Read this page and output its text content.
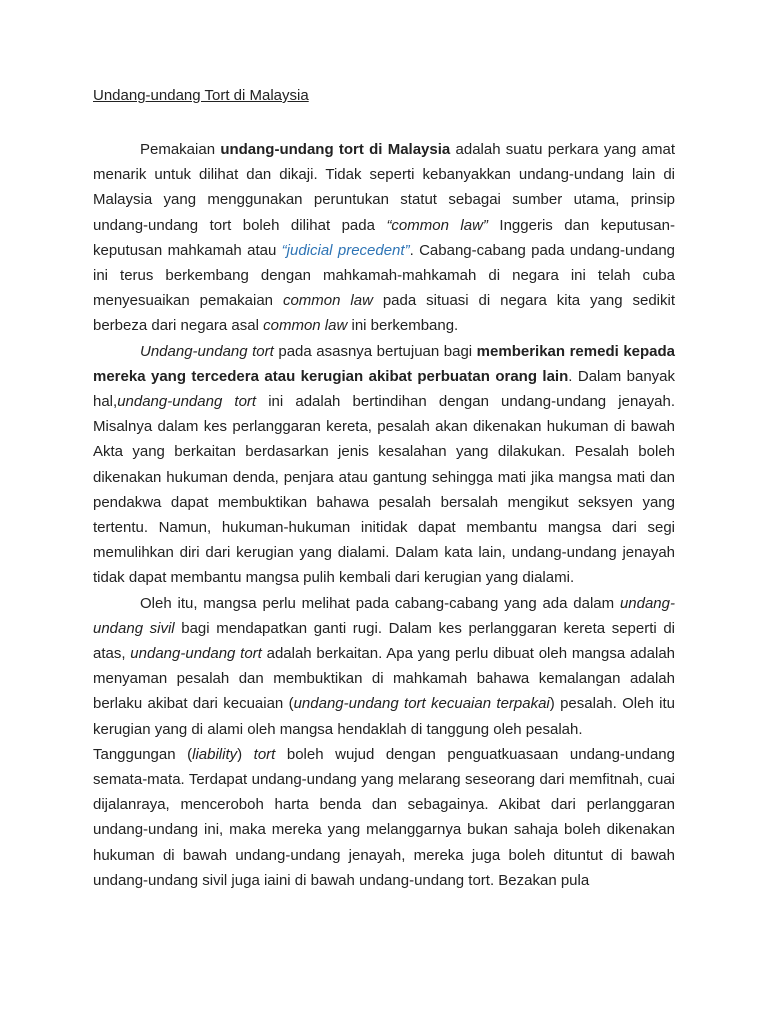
Undang-undang Tort di Malaysia

Pemakaian undang-undang tort di Malaysia adalah suatu perkara yang amat menarik untuk dilihat dan dikaji. Tidak seperti kebanyakkan undang-undang lain di Malaysia yang menggunakan peruntukan statut sebagai sumber utama, prinsip undang-undang tort boleh dilihat pada “common law” Inggeris dan keputusan-keputusan mahkamah atau “judicial precedent”. Cabang-cabang pada undang-undang ini terus berkembang dengan mahkamah-mahkamah di negara ini telah cuba menyesuaikan pemakaian common law pada situasi di negara kita yang sedikit berbeza dari negara asal common law ini berkembang.

Undang-undang tort pada asasnya bertujuan bagi memberikan remedi kepada mereka yang tercedera atau kerugian akibat perbuatan orang lain. Dalam banyak hal,undang-undang tort ini adalah bertindihan dengan undang-undang jenayah. Misalnya dalam kes perlanggaran kereta, pesalah akan dikenakan hukuman di bawah Akta yang berkaitan berdasarkan jenis kesalahan yang dilakukan. Pesalah boleh dikenakan hukuman denda, penjara atau gantung sehingga mati jika mangsa mati dan pendakwa dapat membuktikan bahawa pesalah bersalah mengikut seksyen yang tertentu. Namun, hukuman-hukuman initidak dapat membantu mangsa dari segi memulihkan diri dari kerugian yang dialami. Dalam kata lain, undang-undang jenayah tidak dapat membantu mangsa pulih kembali dari kerugian yang dialami.

Oleh itu, mangsa perlu melihat pada cabang-cabang yang ada dalam undang-undang sivil bagi mendapatkan ganti rugi. Dalam kes perlanggaran kereta seperti di atas, undang-undang tort adalah berkaitan. Apa yang perlu dibuat oleh mangsa adalah menyaman pesalah dan membuktikan di mahkamah bahawa kemalangan adalah berlaku akibat dari kecuaian (undang-undang tort kecuaian terpakai) pesalah. Oleh itu kerugian yang di alami oleh mangsa hendaklah di tanggung oleh pesalah.

Tanggungan (liability) tort boleh wujud dengan penguatkuasaan undang-undang semata-mata. Terdapat undang-undang yang melarang seseorang dari memfitnah, cuai dijalanraya, menceroboh harta benda dan sebagainya. Akibat dari perlanggaran undang-undang ini, maka mereka yang melanggarnya bukan sahaja boleh dikenakan hukuman di bawah undang-undang jenayah, mereka juga boleh dituntut di bawah undang-undang sivil juga iaini di bawah undang-undang tort. Bezakan pula
